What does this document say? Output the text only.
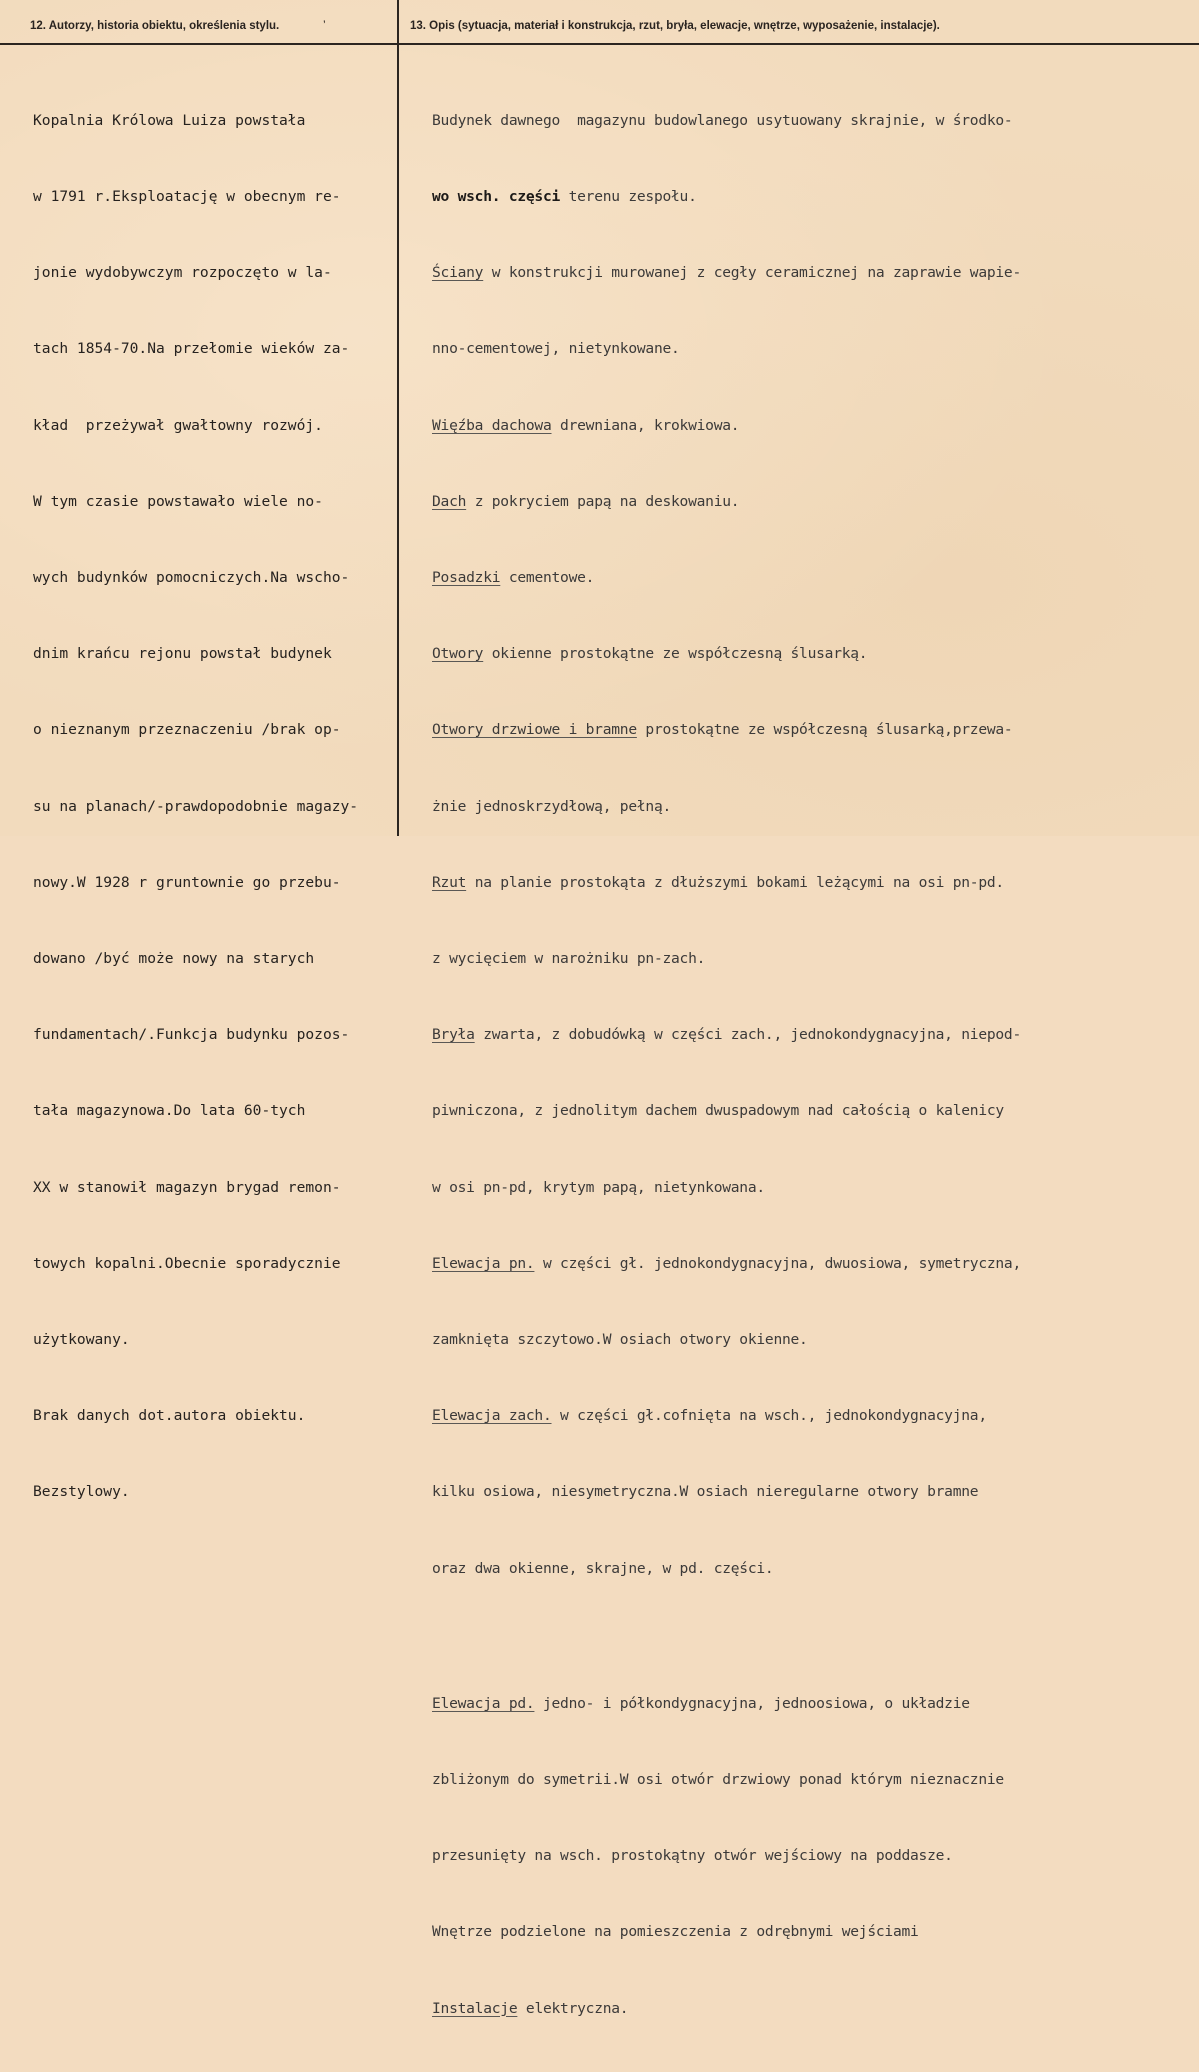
12. Autorzy, historia obiektu, określenia stylu.	’	13. Opis (sytuacja, materiał i konstrukcja, rzut, bryła, elewacje, wnętrze, wyposażenie, instalacje).

Kopalnia Królowa Luiza powstała

w 1791 r.Eksploatację w obecnym re-

jonie wydobywczym rozpoczęto w la-

tach 1854-70.Na przełomie wieków za-

kład  przeżywał gwałtowny rozwój.

W tym czasie powstawało wiele no-

wych budynków pomocniczych.Na wscho-

dnim krańcu rejonu powstał budynek

o nieznanym przeznaczeniu /brak op-

su na planach/-prawdopodobnie magazy-

nowy.W 1928 r gruntownie go przebu-

dowano /być może nowy na starych

fundamentach/.Funkcja budynku pozos-

tała magazynowa.Do lata 60-tych

XX w stanowił magazyn brygad remon-

towych kopalni.Obecnie sporadycznie

użytkowany.

Brak danych dot.autora obiektu.

Bezstylowy.

Budynek dawnego  magazynu budowlanego usytuowany skrajnie, w środko-

wo wsch. części terenu zespołu.

Ściany w konstrukcji murowanej z cegły ceramicznej na zaprawie wapie-

nno-cementowej, nietynkowane.

Więźba dachowa drewniana, krokwiowa.

Dach z pokryciem papą na deskowaniu.

Posadzki cementowe.

Otwory okienne prostokątne ze współczesną ślusarką.

Otwory drzwiowe i bramne prostokątne ze współczesną ślusarką,przewa-

żnie jednoskrzydłową, pełną.

Rzut na planie prostokąta z dłuższymi bokami leżącymi na osi pn-pd.

z wycięciem w narożniku pn-zach.

Bryła zwarta, z dobudówką w części zach., jednokondygnacyjna, niepod-

piwniczona, z jednolitym dachem dwuspadowym nad całością o kalenicy

w osi pn-pd, krytym papą, nietynkowana.

Elewacja pn. w części gł. jednokondygnacyjna, dwuosiowa, symetryczna,

zamknięta szczytowo.W osiach otwory okienne.

Elewacja zach. w części gł.cofnięta na wsch., jednokondygnacyjna,

kilku osiowa, niesymetryczna.W osiach nieregularne otwory bramne

oraz dwa okienne, skrajne, w pd. części.

Elewacja pd. jedno- i półkondygnacyjna, jednoosiowa, o układzie

zbliżonym do symetrii.W osi otwór drzwiowy ponad którym nieznacznie

przesunięty na wsch. prostokątny otwór wejściowy na poddasze.

Wnętrze podzielone na pomieszczenia z odrębnymi wejściami

Instalacje elektryczna.
